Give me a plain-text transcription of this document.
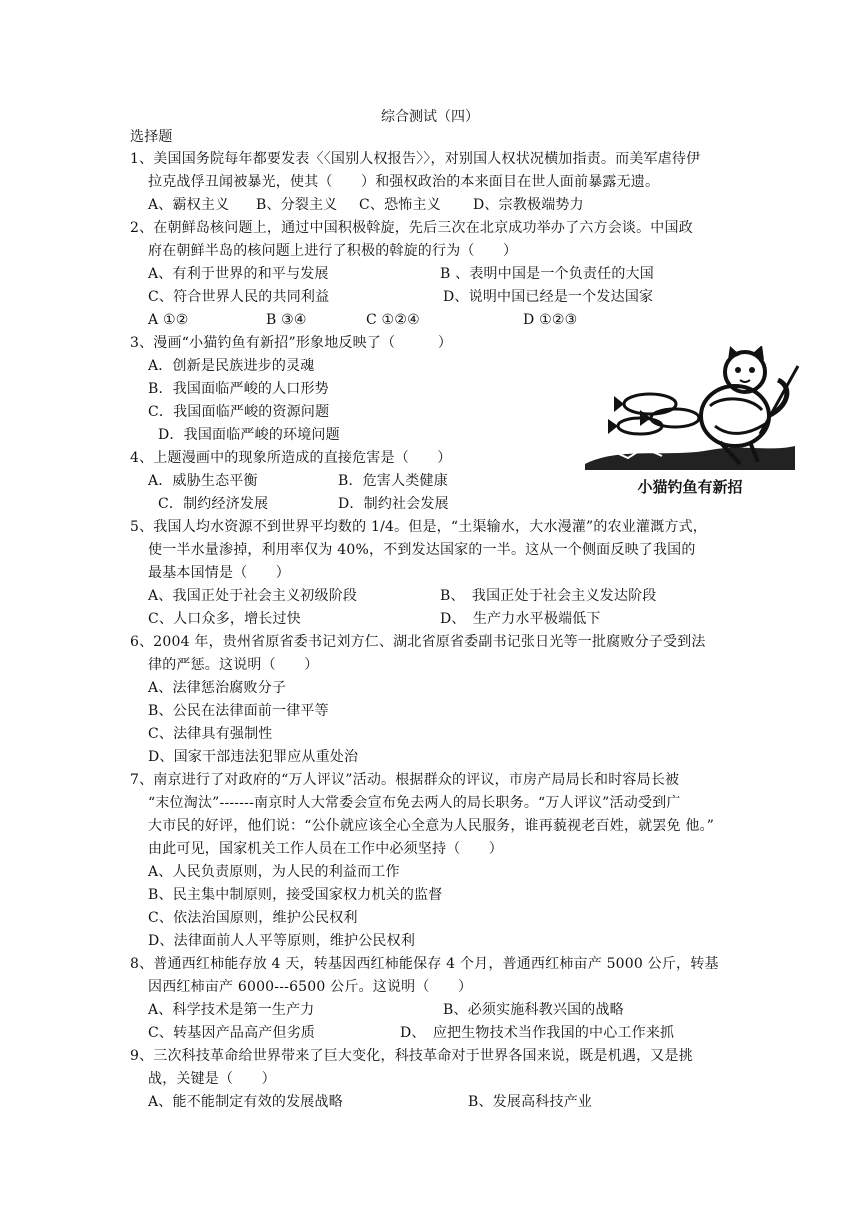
综合测试（四）
选择题
1、美国国务院每年都要发表〈〈国别人权报告〉〉，对别国人权状况横加指责。而美军虐待伊
拉克战俘丑闻被暴光，使其（　　）和强权政治的本来面目在世人面前暴露无遗。
A、霸权主义 B、分裂主义 C、恐怖主义 D、宗教极端势力
2、在朝鲜岛核问题上，通过中国积极斡旋，先后三次在北京成功举办了六方会谈。中国政
府在朝鲜半岛的核问题上进行了积极的斡旋的行为（　　）
A、有利于世界的和平与发展	B 、表明中国是一个负责任的大国
C、符合世界人民的共同利益	D、说明中国已经是一个发达国家
A ①②	B ③④	C ①②④	D ①②③
3、漫画“小猫钓鱼有新招”形象地反映了（　　　）
A．创新是民族进步的灵魂
B．我国面临严峻的人口形势
C．我国面临严峻的资源问题
D．我国面临严峻的环境问题
4、上题漫画中的现象所造成的直接危害是（　　）
A．威胁生态平衡	B．危害人类健康
C．制约经济发展	D．制约社会发展
小猫钓鱼有新招
5、我国人均水资源不到世界平均数的 1/4。但是，“土渠输水，大水漫灌”的农业灌溉方式，
使一半水量渗掉，利用率仅为 40%，不到发达国家的一半。这从一个侧面反映了我国的
最基本国情是（　　）
A、我国正处于社会主义初级阶段	B、　我国正处于社会主义发达阶段
C、人口众多，增长过快	D、　生产力水平极端低下
6、2004 年，贵州省原省委书记刘方仁、湖北省原省委副书记张日光等一批腐败分子受到法
律的严惩。这说明（　　）
A、法律惩治腐败分子
B、公民在法律面前一律平等
C、法律具有强制性
D、国家干部违法犯罪应从重处治
7、南京进行了对政府的“万人评议”活动。根据群众的评议，市房产局局长和时容局长被
“末位淘汰”-------南京时人大常委会宣布免去两人的局长职务。“万人评议”活动受到广
大市民的好评，他们说：“公仆就应该全心全意为人民服务，谁再藐视老百姓，就罢免 他。”
由此可见，国家机关工作人员在工作中必须坚持（　　）
A、人民负责原则，为人民的利益而工作
B、民主集中制原则，接受国家权力机关的监督
C、依法治国原则，维护公民权利
D、法律面前人人平等原则，维护公民权利
8、普通西红柿能存放 4 天，转基因西红柿能保存 4 个月，普通西红柿亩产 5000 公斤，转基
因西红柿亩产 6000---6500 公斤。这说明（　　）
A、科学技术是第一生产力	B、必须实施科教兴国的战略
C、转基因产品高产但劣质	D、　应把生物技术当作我国的中心工作来抓
9、三次科技革命给世界带来了巨大变化，科技革命对于世界各国来说，既是机遇，又是挑
战，关键是（　　）
A、能不能制定有效的发展战略	B、发展高科技产业
